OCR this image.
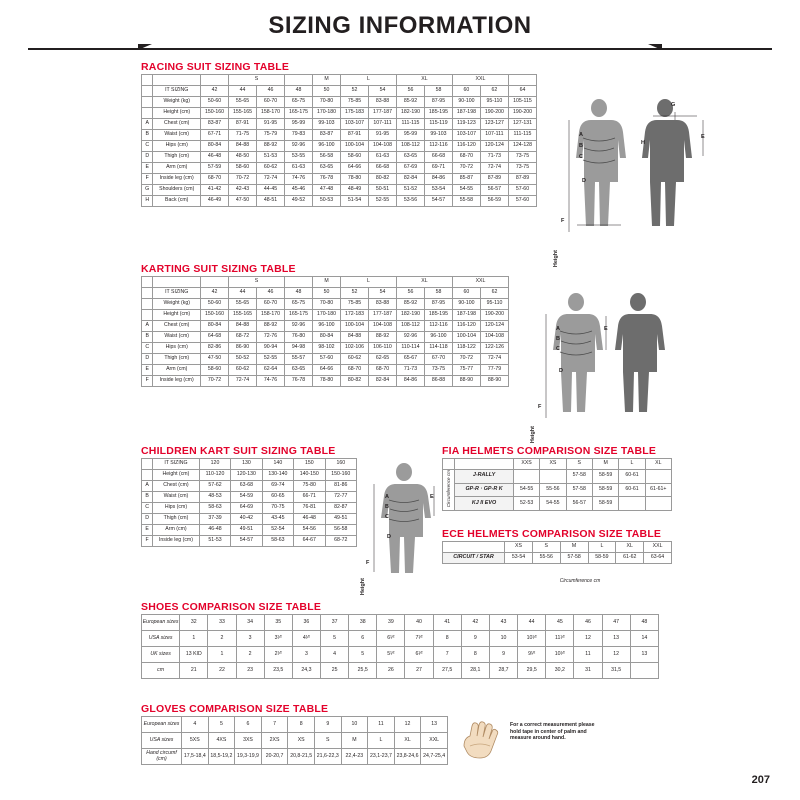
SIZING INFORMATION
RACING SUIT SIZING TABLE
			S			M	L		XL		XXL		
	IT SIZING	42	44	46	48	50	52	54	56	58	60	62	64
	Weight (kg)	50-60	55-65	60-70	65-75	70-80	75-85	83-88	85-92	87-95	90-100	95-110	105-115
	Height (cm)	150-160	155-165	158-170	165-175	170-180	175-183	177-187	182-190	185-195	187-198	190-200	190-200
A	Chest (cm)	83-87	87-91	91-95	95-99	99-103	103-107	107-111	111-115	115-119	119-123	123-127	127-131
B	Waist (cm)	67-71	71-75	75-79	79-83	83-87	87-91	91-95	95-99	99-103	103-107	107-111	111-115
C	Hips (cm)	80-84	84-88	88-92	92-96	96-100	100-104	104-108	108-112	112-116	116-120	120-124	124-128
D	Thigh (cm)	46-48	48-50	51-53	53-55	56-58	58-60	61-63	63-65	66-68	68-70	71-73	73-75
E	Arm (cm)	57-59	58-60	60-62	61-63	63-65	64-66	66-68	67-69	69-71	70-72	72-74	73-75
F	Inside leg (cm)	68-70	70-72	72-74	74-76	76-78	78-80	80-82	82-84	84-86	85-87	87-89	87-89
G	Shoulders (cm)	41-42	42-43	44-45	45-46	47-48	48-49	50-51	51-52	53-54	54-55	56-57	57-60
H	Back (cm)	46-49	47-50	48-51	49-52	50-53	51-54	52-55	53-56	54-57	55-58	56-59	57-60
A
B
C
D
E
F
G
H
Height
KARTING SUIT SIZING TABLE
			S			M	L		XL		XXL	
	IT SIZING	42	44	46	48	50	52	54	56	58	60	62
	Weight (kg)	50-60	55-65	60-70	65-75	70-80	75-85	83-88	85-92	87-95	90-100	95-110
	Height (cm)	150-160	155-165	158-170	165-175	170-180	172-183	177-187	182-190	185-195	187-198	190-200
A	Chest (cm)	80-84	84-88	88-92	92-96	96-100	100-104	104-108	108-112	112-116	116-120	120-124
B	Waist (cm)	64-68	68-72	72-76	76-80	80-84	84-88	88-92	92-96	96-100	100-104	104-108
C	Hips (cm)	82-86	86-90	90-94	94-98	98-102	102-106	106-110	110-114	114-118	118-122	122-126
D	Thigh (cm)	47-50	50-52	52-55	55-57	57-60	60-62	62-65	65-67	67-70	70-72	72-74
E	Arm (cm)	58-60	60-62	62-64	63-65	64-66	68-70	68-70	71-73	73-75	75-77	77-79
F	Inside leg (cm)	70-72	72-74	74-76	76-78	78-80	80-82	82-84	84-86	86-88	88-90	88-90
A
B
C
D
E
F
Height
CHILDREN KART SUIT SIZING TABLE
	IT SIZING	120	130	140	150	160
	Height (cm)	110-120	120-130	130-140	140-150	150-160
A	Chest (cm)	57-62	63-68	69-74	75-80	81-86
B	Waist (cm)	48-53	54-59	60-65	66-71	72-77
C	Hips (cm)	58-63	64-69	70-75	76-81	82-87
D	Thigh (cm)	37-39	40-42	43-45	46-48	49-51
E	Arm (cm)	46-48	49-51	52-54	54-56	56-58
F	Inside leg (cm)	51-53	54-57	58-63	64-67	68-72
A
B
C
D
E
F
Height
FIA HELMETS COMPARISON SIZE TABLE
		XXS	XS	S	M	L	XL
Circumference cm	J-RALLY			57-58	58-59	60-61	
	GP-R · GP-R K	54-55	55-56	57-58	58-59	60-61	61-61+
	KJ II EVO	52-53	54-55	56-57	58-59		
ECE HELMETS COMPARISON SIZE TABLE
		XS	S	M	L	XL	XXL
	CIRCUIT / STAR	53-54	55-56	57-58	58-59	61-62	63-64
Circumference cm
SHOES COMPARISON SIZE TABLE
European sizes	32	33	34	35	36	37	38	39	40	41	42	43	44	45	46	47	48
USA sizes	1	2	3	3¹⁄²	4¹⁄²	5	6	6¹⁄²	7¹⁄²	8	9	10	10¹⁄²	11¹⁄²	12	13	14
UK sizes	13 KID	1	2	2¹⁄²	3	4	5	5¹⁄²	6¹⁄²	7	8	9	9¹⁄²	10¹⁄²	11	12	13
cm	21	22	23	23,5	24,3	25	25,5	26	27	27,5	28,1	28,7	29,5	30,2	31	31,5	
GLOVES COMPARISON SIZE TABLE
European sizes	4	5	6	7	8	9	10	11	12	13
USA sizes	5XS	4XS	3XS	2XS	XS	S	M	L	XL	XXL
Hand circumf (cm)	17,5-18,4	18,5-19,2	19,3-19,9	20-20,7	20,8-21,5	21,6-22,3	22,4-23	23,1-23,7	23,8-24,6	24,7-25,4
For a correct measurement please hold tape in center of palm and measure around hand.
207
